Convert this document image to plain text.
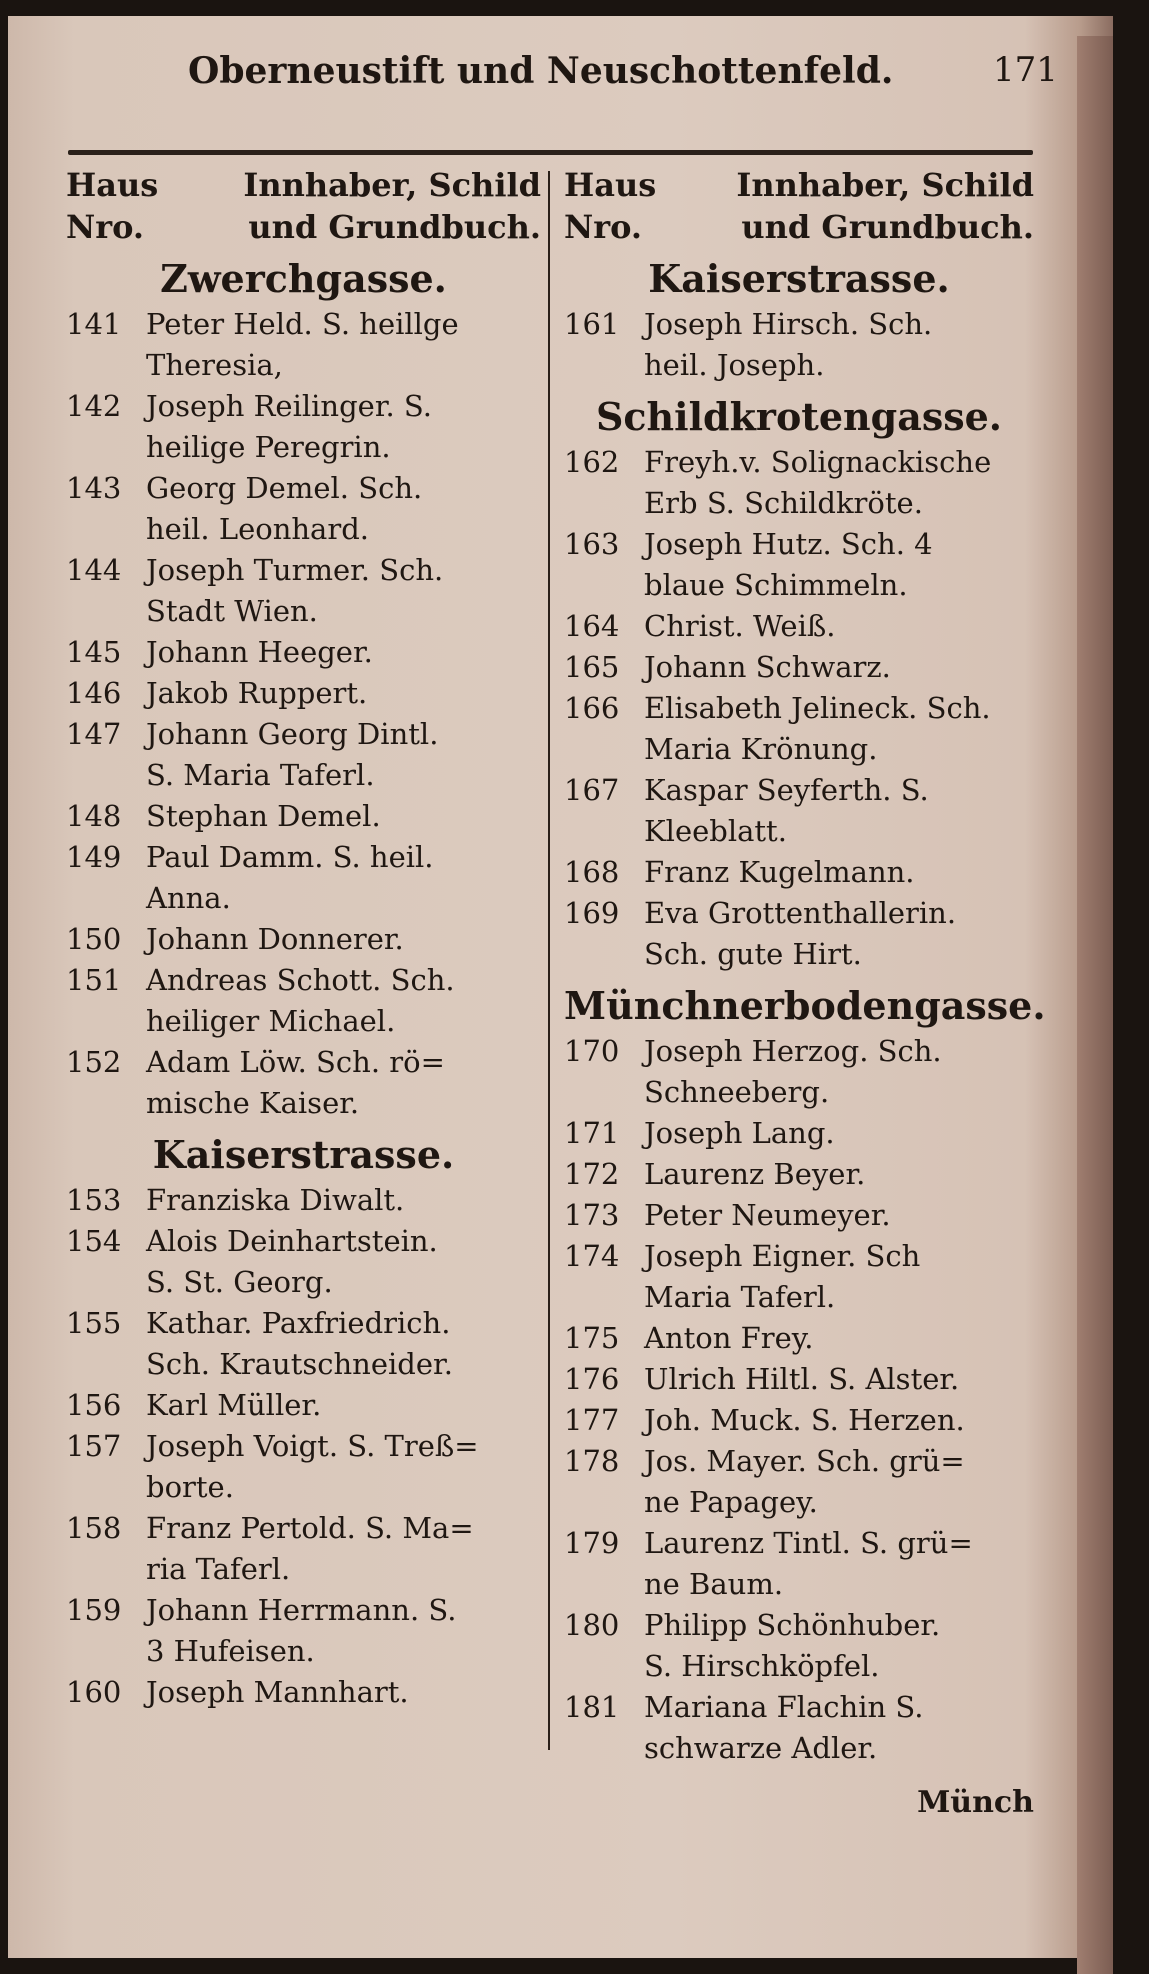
Oberneustift und Neuschottenfeld.	171
Haus
Nro.
Innhaber, Schild
und Grundbuch.
Zwerchgasse.
141 Peter Held. S. heillge
Theresia,
142 Joseph Reilinger. S.
heilige Peregrin.
143 Georg Demel. Sch.
heil. Leonhard.
144 Joseph Turmer. Sch.
Stadt Wien.
145 Johann Heeger.
146 Jakob Ruppert.
147 Johann Georg Dintl.
S. Maria Taferl.
148 Stephan Demel.
149 Paul Damm. S. heil.
Anna.
150 Johann Donnerer.
151 Andreas Schott. Sch.
heiliger Michael.
152 Adam Löw. Sch. rö=
mische Kaiser.
Kaiserstrasse.
153 Franziska Diwalt.
154 Alois Deinhartstein.
S. St. Georg.
155 Kathar. Paxfriedrich.
Sch. Krautschneider.
156 Karl Müller.
157 Joseph Voigt. S. Treß=
borte.
158 Franz Pertold. S. Ma=
ria Taferl.
159 Johann Herrmann. S.
3 Hufeisen.
160 Joseph Mannhart.
Haus
Nro.
Innhaber, Schild
und Grundbuch.
Kaiserstrasse.
161 Joseph Hirsch. Sch.
heil. Joseph.
Schildkrotengasse.
162 Freyh.v. Solignackische
Erb S. Schildkröte.
163 Joseph Hutz. Sch. 4
blaue Schimmeln.
164 Christ. Weiß.
165 Johann Schwarz.
166 Elisabeth Jelineck. Sch.
Maria Krönung.
167 Kaspar Seyferth. S.
Kleeblatt.
168 Franz Kugelmann.
169 Eva Grottenthallerin.
Sch. gute Hirt.
Münchnerbodengasse.
170 Joseph Herzog. Sch.
Schneeberg.
171 Joseph Lang.
172 Laurenz Beyer.
173 Peter Neumeyer.
174 Joseph Eigner. Sch
Maria Taferl.
175 Anton Frey.
176 Ulrich Hiltl. S. Alster.
177 Joh. Muck. S. Herzen.
178 Jos. Mayer. Sch. grü=
ne Papagey.
179 Laurenz Tintl. S. grü=
ne Baum.
180 Philipp Schönhuber.
S. Hirschköpfel.
181 Mariana Flachin S.
schwarze Adler.
Münch
